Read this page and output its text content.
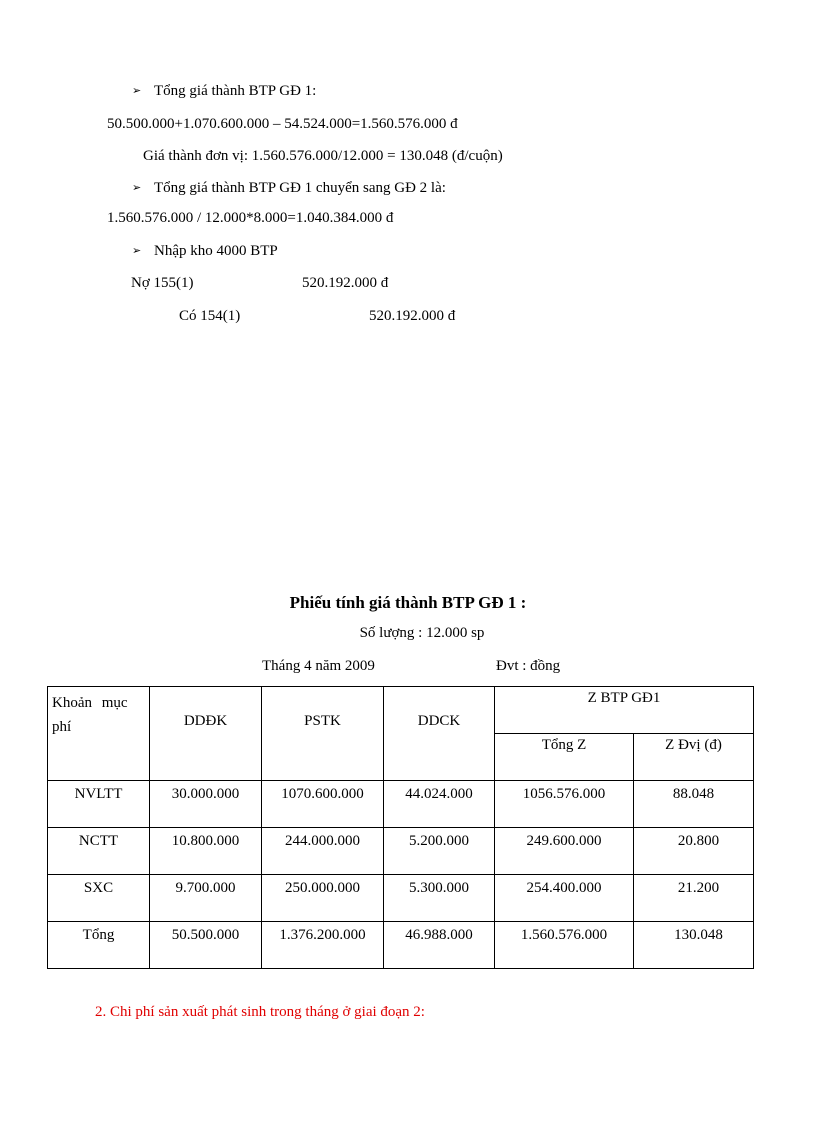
➢ Tổng giá thành BTP GĐ 1:
50.500.000+1.070.600.000 – 54.524.000=1.560.576.000 đ
Giá thành đơn vị: 1.560.576.000/12.000 = 130.048 (đ/cuộn)
➢ Tổng giá thành BTP GĐ 1 chuyển sang GĐ 2 là:
1.560.576.000 / 12.000*8.000=1.040.384.000 đ
➢ Nhập kho 4000 BTP
Nợ 155(1)	520.192.000 đ
Có 154(1)	520.192.000 đ
Phiếu tính giá thành BTP GĐ 1 :
Số lượng : 12.000 sp
Tháng 4 năm 2009	Đvt : đồng
Khoản mục
phí	DDĐK	PSTK	DDCK	Z BTP GĐ1	
				Tổng Z	Z Đvị (đ)
NVLTT	30.000.000	1070.600.000	44.024.000	1056.576.000	88.048
NCTT	10.800.000	244.000.000	5.200.000	249.600.000	20.800
SXC	9.700.000	250.000.000	5.300.000	254.400.000	21.200
Tổng	50.500.000	1.376.200.000	46.988.000	1.560.576.000	130.048
2. Chi phí sản xuất phát sinh trong tháng ở giai đoạn 2:
